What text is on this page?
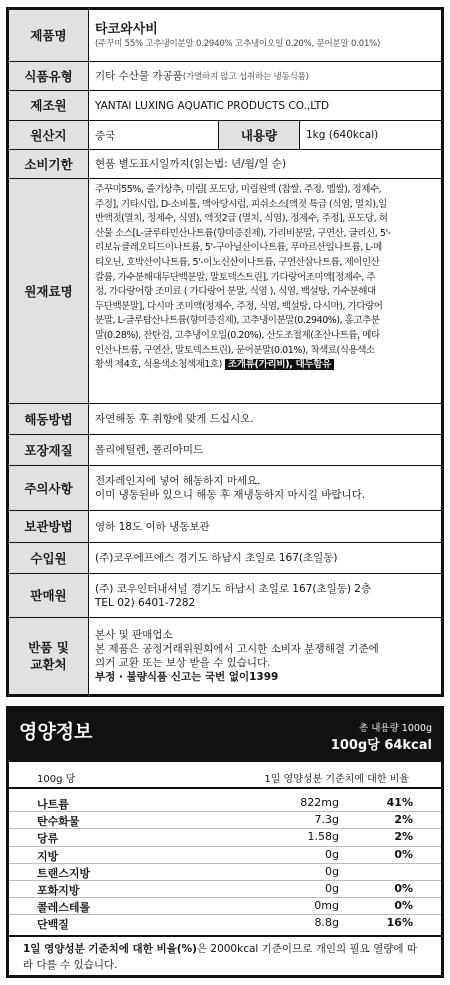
제품명	타코와사비
(주꾸미 55% 고추냉이분말 0.2940% 고추냉이오일 0.20%, 문어분말 0.01%)
식품유형	기타 수산물 가공품(가열하지 않고 섭취하는 냉동식품)
제조원	YANTAI LUXING AQUATIC PRODUCTS CO.,LTD
원산지	중국	내용량	1kg (640kcal)
소비기한	현품 별도표시일까지(읽는법: 년/월/일 순)
원재료명
주꾸미55%, 줄기상추, 미림[ 포도당, 미림원액 (찹쌀, 주정, 멥쌀), 정제수,
주정], 기타시럽, D-소비톨, 맥아당시럽, 피쉬소스[액젓 특급 (식염, 멸치),일
반액젓(멸치, 정제수, 식염), 액젓2급 (멸치, 식염), 정제수, 주정], 포도당, 혀
산물 소스[L-글루타민산나트륨(향미증진제), 가리비분말, 구연산, 글리신, 5'-
리보뉴클레오티드이나트륨, 5'-구아닐산이나트륨, 푸마르산일나트륨, L-메
티오닌, 호박산이나트륨, 5'-이노신산이나트륨, 구연산삼나트륨, 제이인산
칼륨, 가수분해대두단백분말, 말토덱스트린], 가다랑어조미액[정제수, 주
정, 가다랑어향 조미료 ( 가다랑어 분말, 식염 ), 식염, 백설탕, 가수분해대
두단백분말], 다시마 조미액(정제수, 주정, 식염, 백설탕, 다시마), 가다랑어
분말, L-글루탐산나트륨(향미증진제), 고추냉이분말(0.2940%), 홍고추분
말(0.28%), 잔탄검, 고추냉이오일(0.20%), 산도조절제(초산나트륨, 메타
인산나트륨, 구연산, 말토덱스트린), 문어분말(0.01%), 착색료(식용색소
황색 제4호, 식용색소청색제1호) 조개류(가리비), 대두함유
해동방법	자연해동 후 취향에 맞게 드십시오.
포장재질	폴리에틸렌, 폴리아미드
주의사항	전자레인지에 넣어 해동하지 마세요.
이미 냉동된바 있으니 해동 후 재냉동하지 마시길 바랍니다.
보관방법	영하 18도 이하 냉동보관
수입원	(주)코우에프에스 경기도 하남시 초일로 167(초일동)
판매원	(주) 코우인터내셔널 경기도 하남시 초일로 167(초일동) 2층
TEL 02) 6401-7282
반품 및
교환처
본사 및 판매업소
본 제품은 공정거래위원회에서 고시한 소비자 분쟁해결 기준에
의거 교환 또는 보상 받을 수 있습니다.
부정 · 불량식품 신고는 국번 없이1399
영양정보	총 내용량 1000g
100g당 64kcal
100g 당	1일 영양성분 기준치에 대한 비율
나트륨	822mg	41%
탄수화물	7.3g	2%
당류	1.58g	2%
지방	0g	0%
트랜스지방	0g
포화지방	0g	0%
콜레스테롤	0mg	0%
단백질	8.8g	16%
1일 영양성분 기준치에 대한 비율(%)은 2000kcal 기준이므로 개인의 필요 열량에 따라 다를 수 있습니다.
